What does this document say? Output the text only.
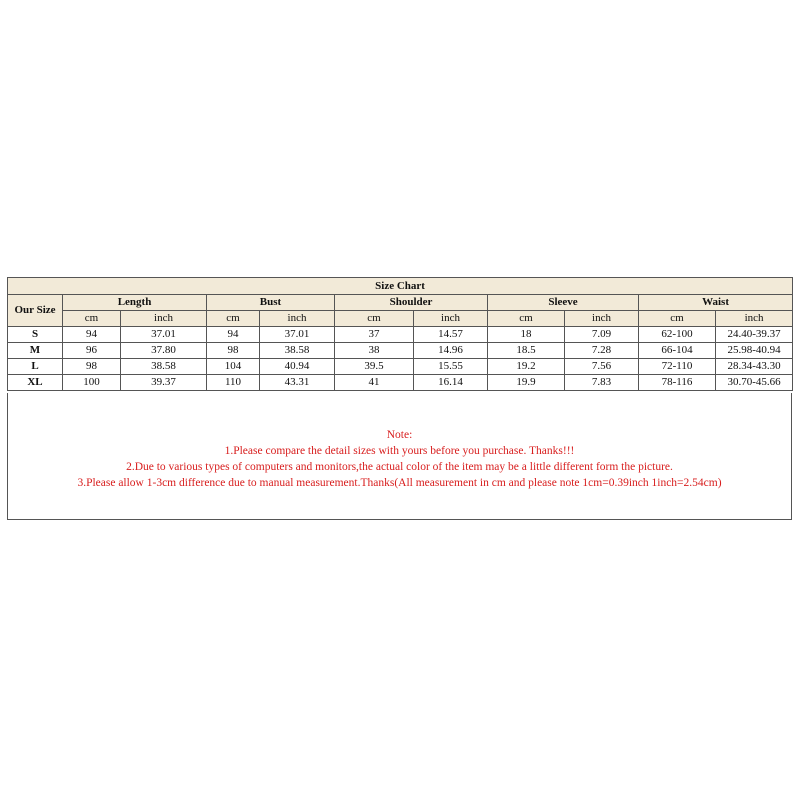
Size Chart										
Our Size	Length		Bust		Shoulder		Sleeve		Waist	
	cm	inch	cm	inch	cm	inch	cm	inch	cm	inch
S	94	37.01	94	37.01	37	14.57	18	7.09	62-100	24.40-39.37
M	96	37.80	98	38.58	38	14.96	18.5	7.28	66-104	25.98-40.94
L	98	38.58	104	40.94	39.5	15.55	19.2	7.56	72-110	28.34-43.30
XL	100	39.37	110	43.31	41	16.14	19.9	7.83	78-116	30.70-45.66
Note:
1.Please compare the detail sizes with yours before you purchase. Thanks!!!
2.Due to various types of computers and monitors,the actual color of the item may be a little different form the picture.
3.Please allow 1-3cm difference due to manual measurement.Thanks(All measurement in cm and please note 1cm=0.39inch 1inch=2.54cm)
